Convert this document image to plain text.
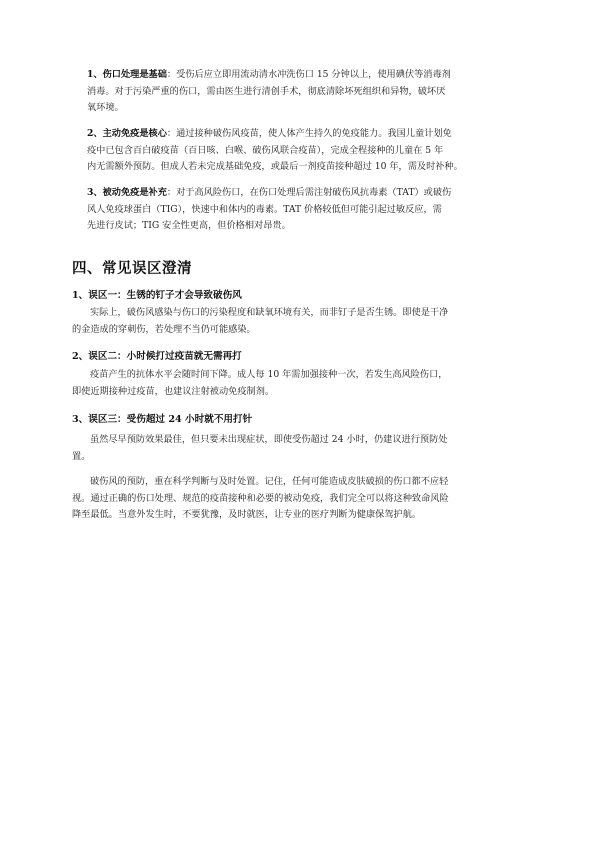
1、伤口处理是基础：受伤后应立即用流动清水冲洗伤口 15 分钟以上，使用碘伏等消毒剂
消毒。对于污染严重的伤口，需由医生进行清创手术，彻底清除坏死组织和异物，破坏厌
氧环境。
2、主动免疫是核心：通过接种破伤风疫苗，使人体产生持久的免疫能力。我国儿童计划免
疫中已包含百白破疫苗（百日咳、白喉、破伤风联合疫苗），完成全程接种的儿童在 5 年
内无需额外预防。但成人若未完成基础免疫，或最后一剂疫苗接种超过 10 年，需及时补种。
3、被动免疫是补充：对于高风险伤口，在伤口处理后需注射破伤风抗毒素（TAT）或破伤
风人免疫球蛋白（TIG），快速中和体内的毒素。TAT 价格较低但可能引起过敏反应，需
先进行皮试；TIG 安全性更高，但价格相对昂贵。
四、常见误区澄清
1、误区一：生锈的钉子才会导致破伤风
实际上，破伤风感染与伤口的污染程度和缺氧环境有关，而非钉子是否生锈。即使是干净
的金造成的穿刺伤，若处理不当仍可能感染。
2、误区二：小时候打过疫苗就无需再打
疫苗产生的抗体水平会随时间下降。成人每 10 年需加强接种一次，若发生高风险伤口，
即使近期接种过疫苗，也建议注射被动免疫制剂。
3、误区三：受伤超过 24 小时就不用打针
虽然尽早预防效果最佳，但只要未出现症状，即使受伤超过 24 小时，仍建议进行预防处
置。
破伤风的预防，重在科学判断与及时处置。记住，任何可能造成皮肤破损的伤口都不应轻
视。通过正确的伤口处理、规范的疫苗接种和必要的被动免疫，我们完全可以将这种致命风险
降至最低。当意外发生时，不要犹豫，及时就医，让专业的医疗判断为健康保驾护航。
